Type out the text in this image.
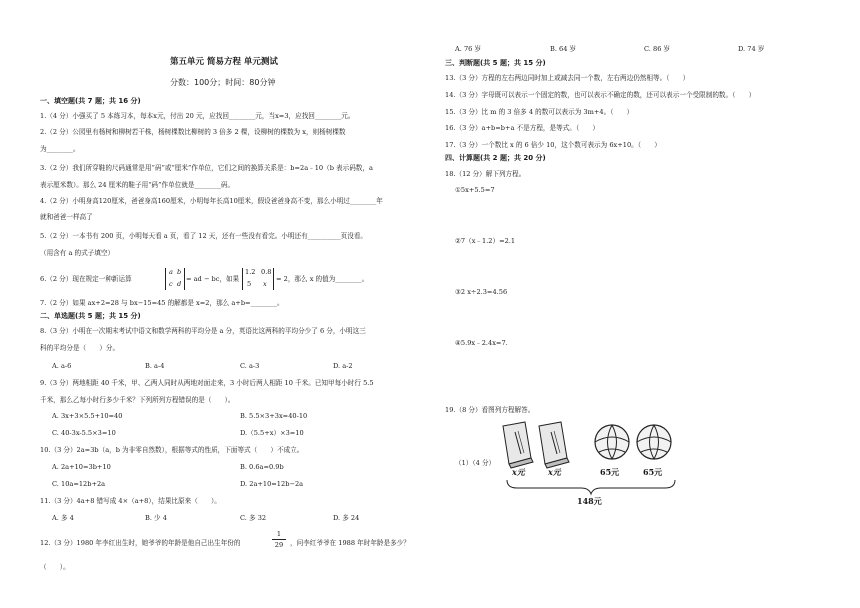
第五单元 简易方程 单元测试
分数：100分；时间：80分钟
一、填空题(共 7 题；共 16 分)
1.（4 分）小强买了 5 本练习本，每本x元，付出 20 元，应找回________元，当x=3，应找回________元。
2.（2 分）公园里有杨树和柳树若干株，杨树棵数比柳树的 3 倍多 2 棵，设柳树的棵数为 x，则杨树棵数
为________。
3.（2 分）我们所穿鞋的尺码通常是用“码”或“厘米”作单位，它们之间的换算关系是：b=2a﹣10（b 表示码数，a
表示厘米数）。那么 24 厘米的鞋子用“码”作单位就是________码。
4.（2 分）小明身高120厘米，爸爸身高160厘米，小明每年长高10厘米，假设爸爸身高不变，那么小明过________年
就和爸爸一样高了
5.（2 分）一本书有 200 页，小明每天看 a 页，看了 12 天，还有一些没有看完。小明还有__________页没看。
（用含有 a 的式子填空）
6.（2 分）现在规定一种新运算
a b
c d
= ad − bc，如果
1.2 0.8
5 x
= 2，那么 x 的值为________。
7.（2 分）如果 ax+2=28 与 bx−15=45 的解都是 x=2，那么 a+b=________。
二、单选题(共 5 题；共 15 分)
8.（3 分）小明在一次期末考试中语文和数学两科的平均分是 a 分，英语比这两科的平均分少了 6 分，小明这三
科的平均分是（　　）分。
A. a-6	B. a-4	C. a-3	D. a-2
9.（3 分）两地相距 40 千米，甲、乙两人同时从两地对面走来，3 小时后两人相距 10 千米。已知甲每小时行 5.5
千米，那么乙每小时行多少千米？下列所列方程错误的是（　　）。
A. 3x+3×5.5+10=40	B. 5.5×3+3x=40-10
C. 40-3x-5.5×3=10	D.（5.5+x）×3=10
10.（3 分）2a=3b（a，b 为非零自然数），根据等式的性质，下面等式（　　）不成立。
A. 2a+10=3b+10	B. 0.6a=0.9b
C. 10a=12b+2a	D. 2a+10=12b−2a
11.（3 分）4a+8 错写成 4×（a+8），结果比原来（　　）。
A. 多 4	B. 少 4	C. 多 32	D. 多 24
12.（3 分）1980 年李红出生时，她爷爷的年龄是他自己出生年份的	$\frac{1}{29}$ ，问李红爷爷在 1988 年时年龄是多少？
（　　）。
A. 76 岁	B. 64 岁	C. 86 岁	D. 74 岁
三、判断题(共 5 题；共 15 分)
13.（3 分）方程的左右两边同时加上或减去同一个数，左右两边仍然相等。（　　）
14.（3 分）字母既可以表示一个固定的数，也可以表示不确定的数，还可以表示一个受限制的数。（　　）
15.（3 分）比 m 的 3 倍多 4 的数可以表示为 3m+4。（　　）
16.（3 分）a+b=b+a 不是方程，是等式。（　　）
17.（3 分）一个数比 x 的 6 倍少 10，这个数可表示为 6x+10。（　　）
四、计算题(共 2 题；共 20 分)
18.（12 分）解下列方程。
①5x+5.5=7
②7（x﹣1.2）=2.1
③2 x÷2.3=4.56
④5.9x﹣2.4x=7.
19.（8 分）看图列方程解答。
（1）（4 分）
x元	x元	65元	65元
148元
